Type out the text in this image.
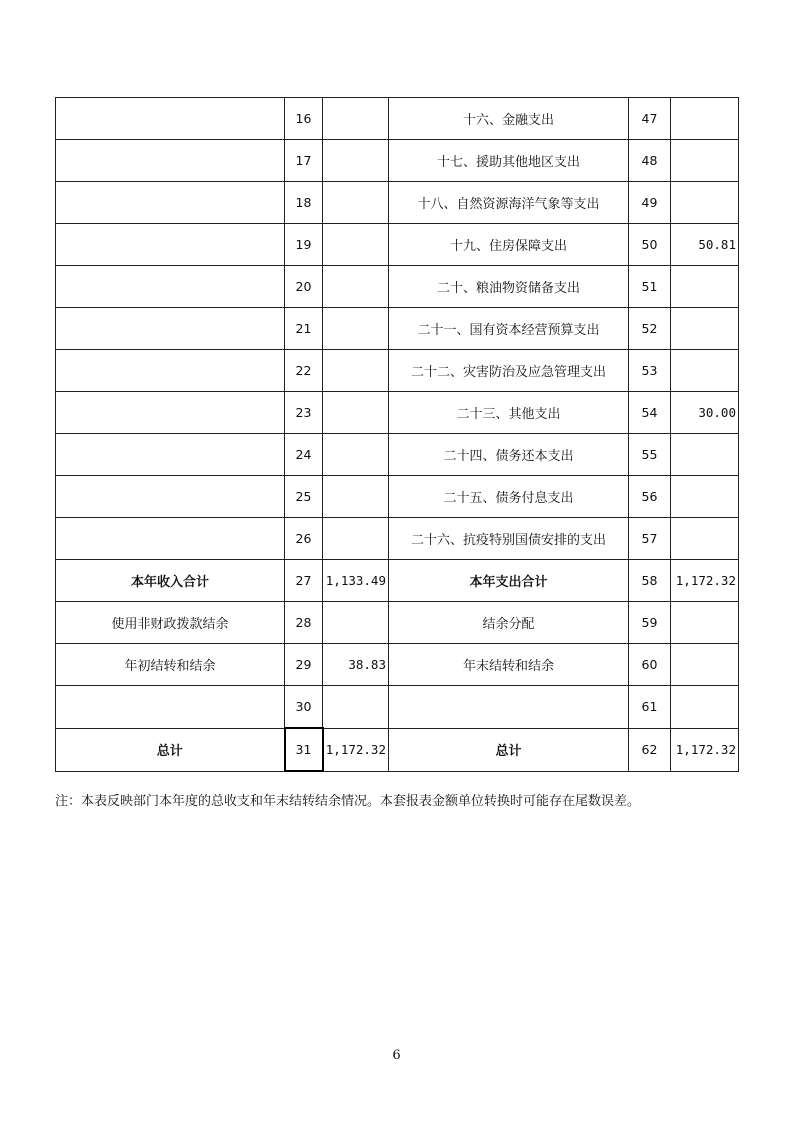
	16		十六、金融支出	47	
	17		十七、援助其他地区支出	48	
	18		十八、自然资源海洋气象等支出	49	
	19		十九、住房保障支出	50	50.81
	20		二十、粮油物资储备支出	51	
	21		二十一、国有资本经营预算支出	52	
	22		二十二、灾害防治及应急管理支出	53	
	23		二十三、其他支出	54	30.00
	24		二十四、债务还本支出	55	
	25		二十五、债务付息支出	56	
	26		二十六、抗疫特别国债安排的支出	57	
本年收入合计	27	1,133.49	本年支出合计	58	1,172.32
使用非财政拨款结余	28		结余分配	59	
年初结转和结余	29	38.83	年末结转和结余	60	
	30			61	
总计	31	1,172.32	总计	62	1,172.32
注：本表反映部门本年度的总收支和年末结转结余情况。本套报表金额单位转换时可能存在尾数误差。
6
